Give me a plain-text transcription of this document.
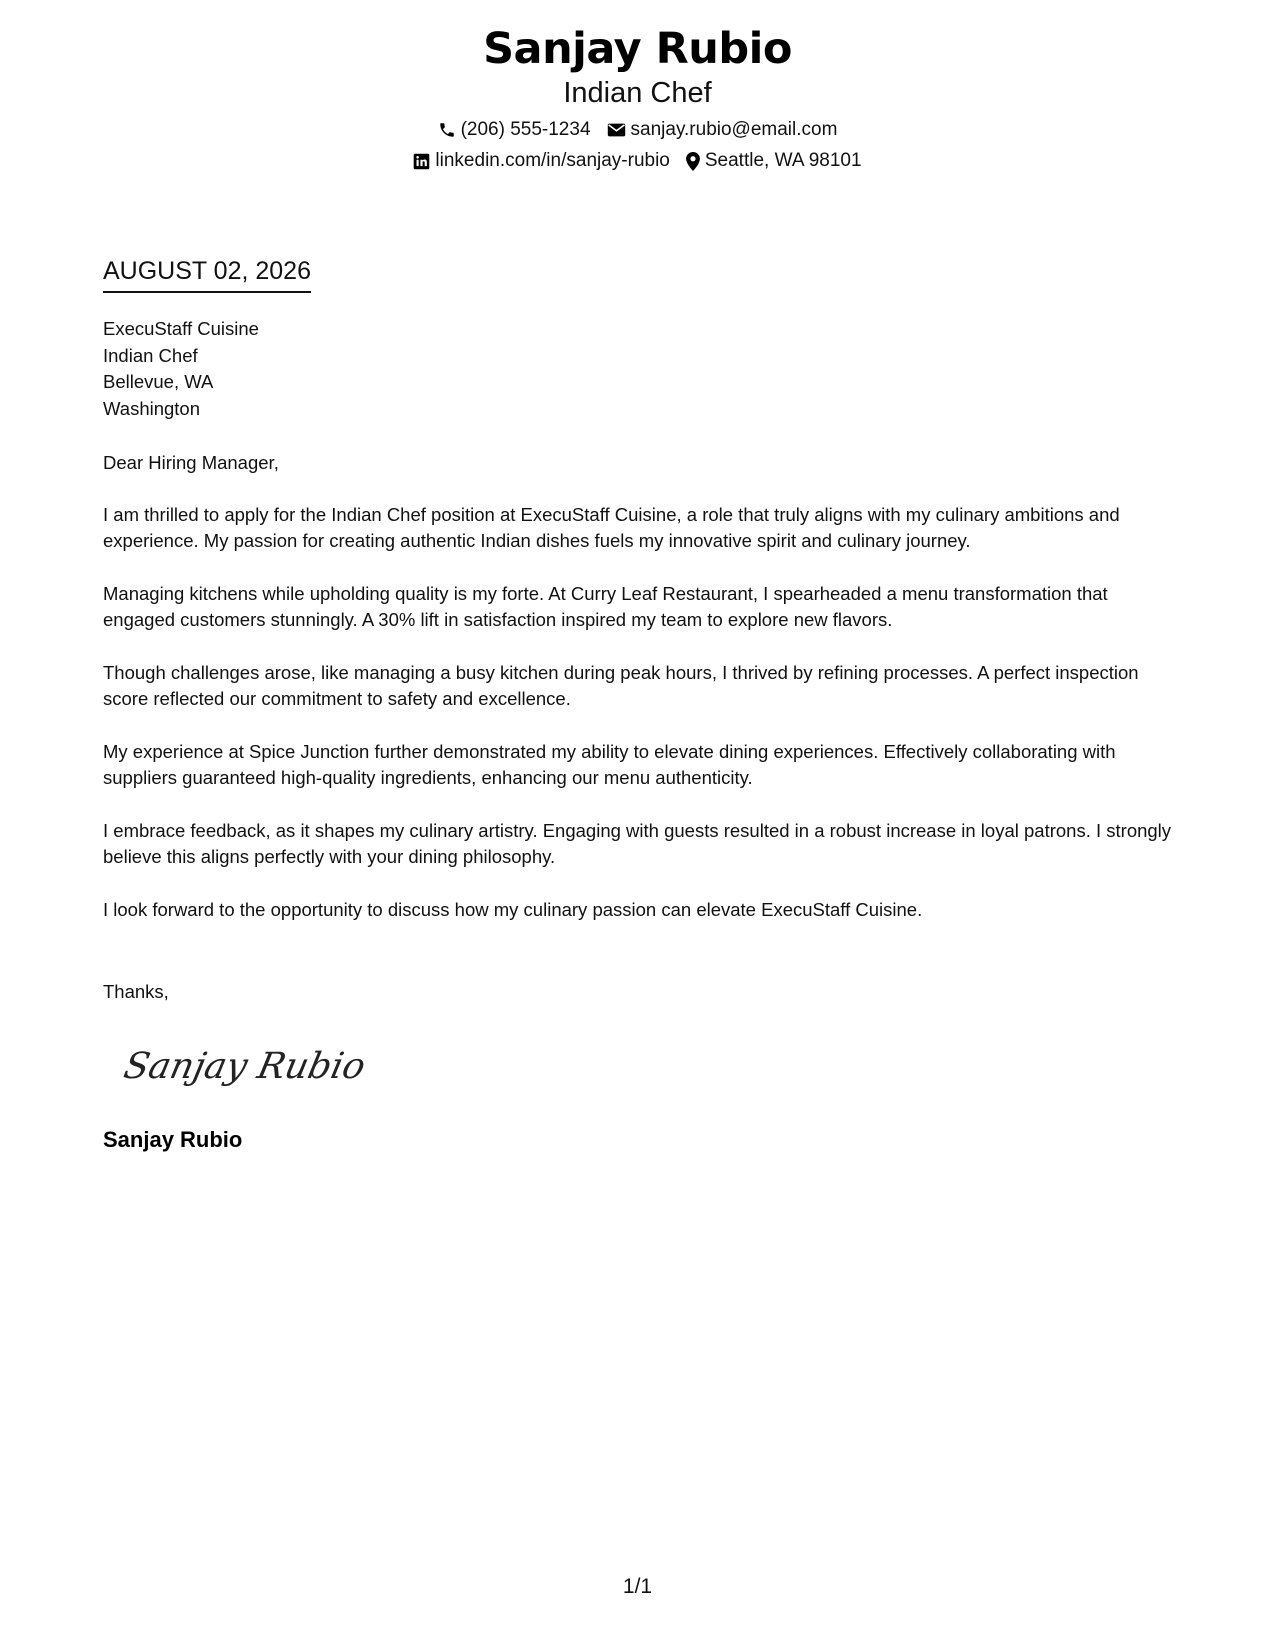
Sanjay Rubio
Indian Chef
(206) 555-1234 sanjay.rubio@email.com
linkedin.com/in/sanjay-rubio Seattle, WA 98101
AUGUST 02, 2026
ExecuStaff Cuisine
Indian Chef
Bellevue, WA
Washington

Dear Hiring Manager,

I am thrilled to apply for the Indian Chef position at ExecuStaff Cuisine, a role that truly aligns with my culinary ambitions and experience. My passion for creating authentic Indian dishes fuels my innovative spirit and culinary journey.

Managing kitchens while upholding quality is my forte. At Curry Leaf Restaurant, I spearheaded a menu transformation that engaged customers stunningly. A 30% lift in satisfaction inspired my team to explore new flavors.

Though challenges arose, like managing a busy kitchen during peak hours, I thrived by refining processes. A perfect inspection score reflected our commitment to safety and excellence.

My experience at Spice Junction further demonstrated my ability to elevate dining experiences. Effectively collaborating with suppliers guaranteed high-quality ingredients, enhancing our menu authenticity.

I embrace feedback, as it shapes my culinary artistry. Engaging with guests resulted in a robust increase in loyal patrons. I strongly believe this aligns perfectly with your dining philosophy.

I look forward to the opportunity to discuss how my culinary passion can elevate ExecuStaff Cuisine.

Thanks,
Sanjay Rubio
Sanjay Rubio
1/1
